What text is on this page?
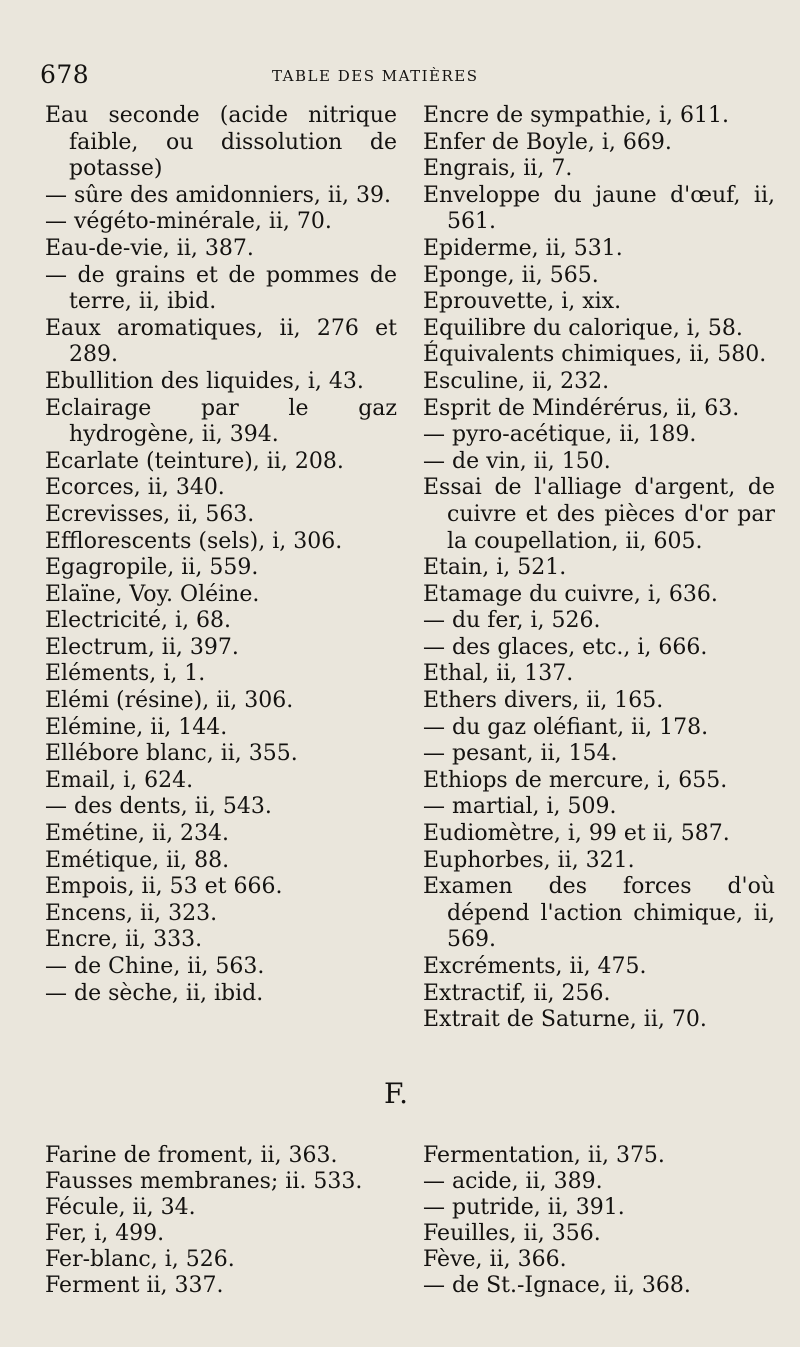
678	TABLE DES MATIÈRES
Eau seconde (acide nitrique faible, ou dissolution de potasse)
— sûre des amidonniers, ii, 39.
— végéto-minérale, ii, 70.
Eau-de-vie, ii, 387.
— de grains et de pommes de terre, ii, ibid.
Eaux aromatiques, ii, 276 et 289.
Ebullition des liquides, i, 43.
Eclairage par le gaz hydrogène, ii, 394.
Ecarlate (teinture), ii, 208.
Ecorces, ii, 340.
Ecrevisses, ii, 563.
Efflorescents (sels), i, 306.
Egagropile, ii, 559.
Elaïne, Voy. Oléine.
Electricité, i, 68.
Electrum, ii, 397.
Eléments, i, 1.
Elémi (résine), ii, 306.
Elémine, ii, 144.
Ellébore blanc, ii, 355.
Email, i, 624.
— des dents, ii, 543.
Emétine, ii, 234.
Emétique, ii, 88.
Empois, ii, 53 et 666.
Encens, ii, 323.
Encre, ii, 333.
— de Chine, ii, 563.
— de sèche, ii, ibid.
Encre de sympathie, i, 611.
Enfer de Boyle, i, 669.
Engrais, ii, 7.
Enveloppe du jaune d'œuf, ii, 561.
Epiderme, ii, 531.
Eponge, ii, 565.
Eprouvette, i, xix.
Equilibre du calorique, i, 58.
Équivalents chimiques, ii, 580.
Esculine, ii, 232.
Esprit de Mindérérus, ii, 63.
— pyro-acétique, ii, 189.
— de vin, ii, 150.
Essai de l'alliage d'argent, de cuivre et des pièces d'or par la coupellation, ii, 605.
Etain, i, 521.
Etamage du cuivre, i, 636.
— du fer, i, 526.
— des glaces, etc., i, 666.
Ethal, ii, 137.
Ethers divers, ii, 165.
— du gaz oléfiant, ii, 178.
— pesant, ii, 154.
Ethiops de mercure, i, 655.
— martial, i, 509.
Eudiomètre, i, 99 et ii, 587.
Euphorbes, ii, 321.
Examen des forces d'où dépend l'action chimique, ii, 569.
Excréments, ii, 475.
Extractif, ii, 256.
Extrait de Saturne, ii, 70.
F.
Farine de froment, ii, 363.
Fausses membranes; ii. 533.
Fécule, ii, 34.
Fer, i, 499.
Fer-blanc, i, 526.
Ferment ii, 337.
Fermentation, ii, 375.
— acide, ii, 389.
— putride, ii, 391.
Feuilles, ii, 356.
Fève, ii, 366.
— de St.-Ignace, ii, 368.
